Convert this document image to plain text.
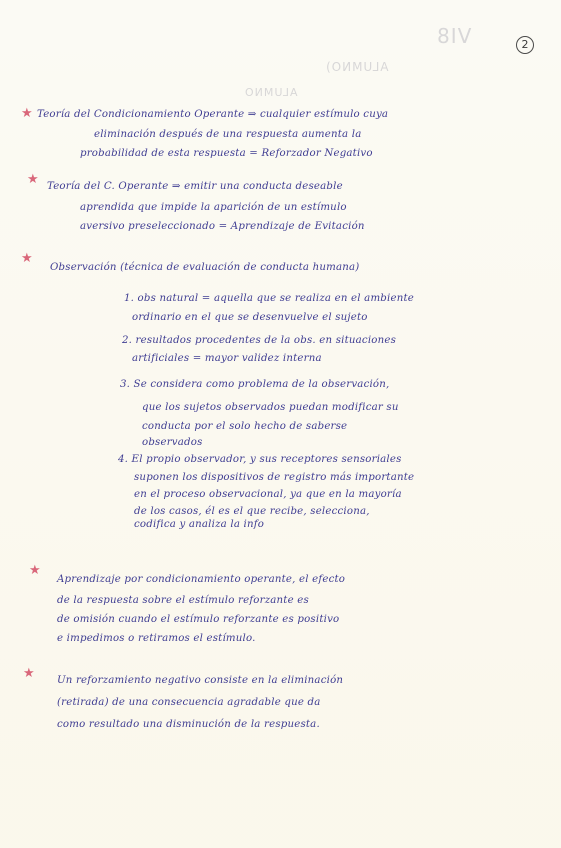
VI8
ALUMNO)
ALUMNO
2
★ Teoría del Condicionamiento Operante ⇒ cualquier estímulo cuya
eliminación después de una respuesta aumenta la
probabilidad de esta respuesta = Reforzador Negativo
★ Teoría del C. Operante ⇒ emitir una conducta deseable
aprendida que impide la aparición de un estímulo
aversivo preseleccionado = Aprendizaje de Evitación
★
Observación (técnica de evaluación de conducta humana)
1. obs natural = aquella que se realiza en el ambiente
ordinario en el que se desenvuelve el sujeto
2. resultados procedentes de la obs. en situaciones
artificiales = mayor validez interna
3. Se considera como problema de la observación,
que los sujetos observados puedan modificar su
conducta por el solo hecho de saberse
observados
4. El propio observador, y sus receptores sensoriales
suponen los dispositivos de registro más importante
en el proceso observacional, ya que en la mayoría
de los casos, él es el que recibe, selecciona,
codifica y analiza la info
★
Aprendizaje por condicionamiento operante, el efecto
de la respuesta sobre el estímulo reforzante es
de omisión cuando el estímulo reforzante es positivo
e impedimos o retiramos el estímulo.
★ Un reforzamiento negativo consiste en la eliminación
(retirada) de una consecuencia agradable que da
como resultado una disminución de la respuesta.
